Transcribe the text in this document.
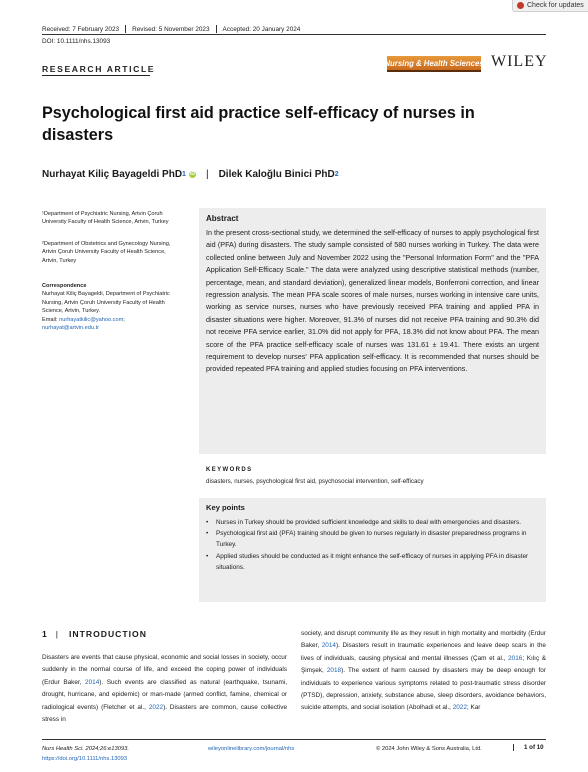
Check for updates
Received: 7 February 2023 Revised: 5 November 2023 Accepted: 20 January 2024
DOI: 10.1111/nhs.13093
RESEARCH ARTICLE
Nursing & Health Sciences WILEY
Psychological first aid practice self-efficacy of nurses in disasters
Nurhayat Kiliç Bayageldi PhD 1 iD | Dilek Kaloğlu Binici PhD 2
¹Department of Psychiatric Nursing, Artvin Çoruh University Faculty of Health Science, Artvin, Turkey
²Department of Obstetrics and Gynecology Nursing, Artvin Çoruh University Faculty of Health Science, Artvin, Turkey
Correspondence
Nurhayat Kiliç Bayageldi, Department of Psychiatric Nursing, Artvin Çoruh University Faculty of Health Science, Artvin, Turkey.
Email: nurhayatkilic@yahoo.com; nurhayat@artvin.edu.tr
Abstract
In the present cross-sectional study, we determined the self-efficacy of nurses to apply psychological first aid (PFA) during disasters. The study sample consisted of 580 nurses working in Turkey. The data were collected online between July and November 2022 using the "Personal Information Form" and the "PFA Application Self-Efficacy Scale." The data were analyzed using descriptive statistical methods (number, percentage, mean, and standard deviation), generalized linear models, Bonferroni correction, and linear regression analysis. The mean PFA scale scores of male nurses, nurses working in intensive care units, working as service nurses, nurses who have previously received PFA training and applied PFA in disaster situations were higher. Moreover, 91.3% of nurses did not receive PFA training and 90.3% did not receive PFA service earlier, 31.0% did not apply for PFA, 18.3% did not know about PFA. The mean score of the PFA practice self-efficacy scale of nurses was 131.61 ± 19.41. There exists an urgent requirement to develop nurses' PFA application self-efficacy. It is recommended that nurses should be provided repeated PFA training and applied studies focusing on PFA interventions.
KEYWORDS
disasters, nurses, psychological first aid, psychosocial intervention, self-efficacy
Key points
• Nurses in Turkey should be provided sufficient knowledge and skills to deal with emergencies and disasters.
• Psychological first aid (PFA) training should be given to nurses regularly in disaster preparedness programs in Turkey.
• Applied studies should be conducted as it might enhance the self-efficacy of nurses in applying PFA in disaster situations.
1 | INTRODUCTION
Disasters are events that cause physical, economic and social losses in society, occur suddenly in the normal course of life, and exceed the coping power of individuals (Erdur Baker, 2014). Such events are classified as natural (earthquake, tsunami, drought, hurricane, and epidemic) or man-made (armed conflict, famine, chemical or radiological events) (Fletcher et al., 2022). Disasters are common, cause collective stress in
society, and disrupt community life as they result in high mortality and morbidity (Erdur Baker, 2014). Disasters result in traumatic experiences and leave deep scars in the lives of individuals, causing physical and mental illnesses (Çam et al., 2016; Kılıç & Şimşek, 2018). The extent of harm caused by disasters may be deep enough for individuals to experience various symptoms related to post-traumatic stress disorder (PTSD), depression, anxiety, substance abuse, sleep disorders, avoidance behaviors, suicide attempts, and social isolation (Abolhadi et al., 2022; Kar
Nurs Health Sci. 2024;26:e13093.
https://doi.org/10.1111/nhs.13093
wileyonlinelibrary.com/journal/nhs	© 2024 John Wiley & Sons Australia, Ltd.	1 of 10
